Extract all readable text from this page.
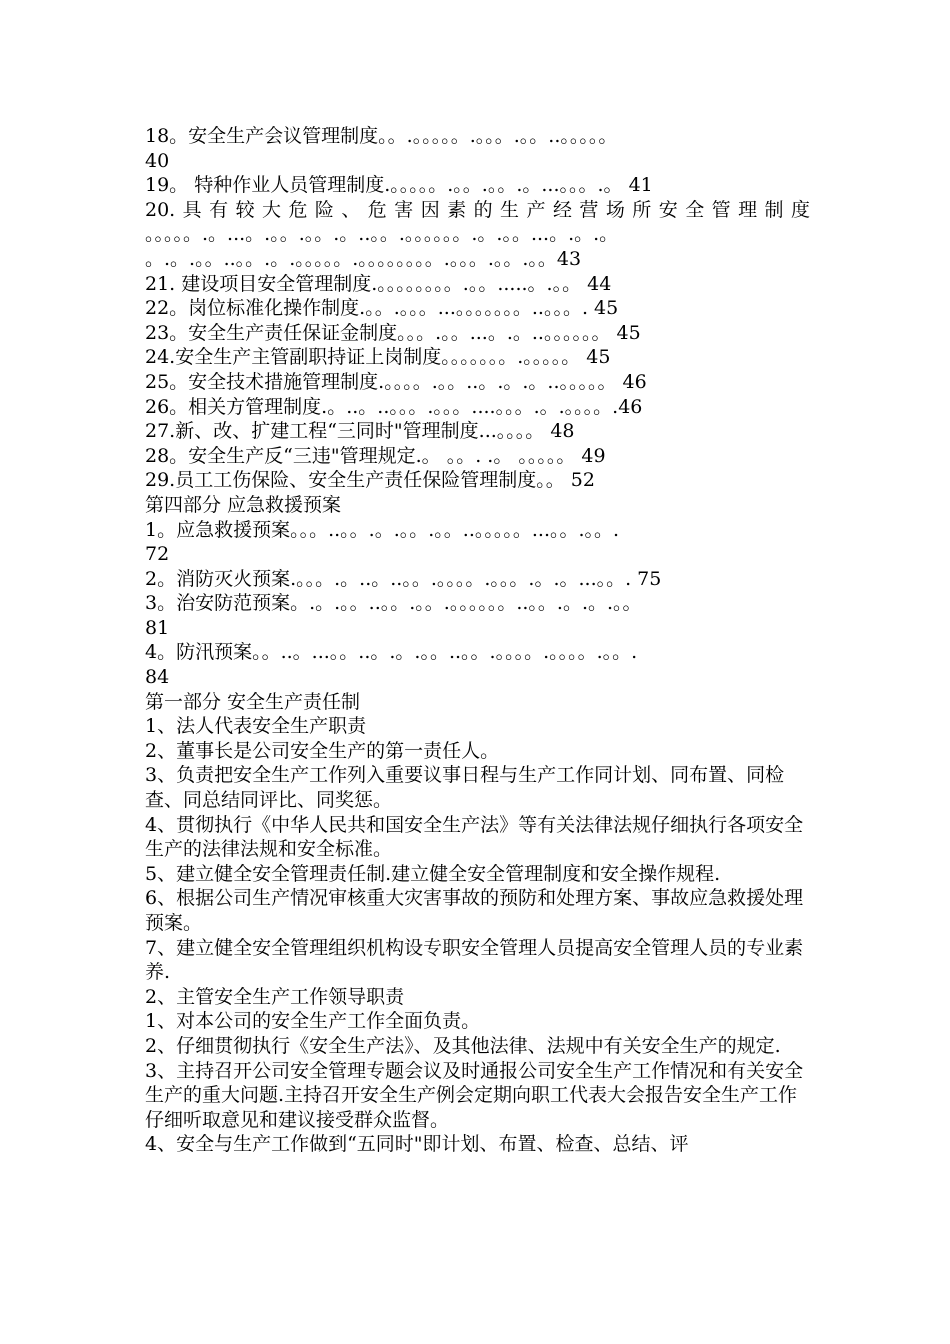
18。安全生产会议管理制度。。.。。。。。.。。。.。。..。。。。。
40
19。 特种作业人员管理制度.。。。。。.。。.。。.。...。。。.。 41
20.具有较大危险、危害因素的生产经营场所安全管理制度
。。。。。.。...。.。。.。。.。..。。.。。。。。。.。.。。...。.。.。
。.。.。。..。。.。.。。。。。.。。。。。。。。.。。。.。。.。。43
21. 建设项目安全管理制度.。。。。。。。。.。。.....。.。。 44
22。岗位标准化操作制度.。。.。。。...。。。。。。。..。。。. 45
23。安全生产责任保证金制度。。。.。。...。.。..。。。。。。 45
24.安全生产主管副职持证上岗制度。。。。。。。.。。。。。 45
25。安全技术措施管理制度.。。。。.。。..。.。.。..。。。。。 46
26。相关方管理制度.。..。..。。。.。。。....。。。.。.。。。。.46
27.新、改、扩建工程“三同时"管理制度...。。。。 48
28。安全生产反“三违"管理规定.。 。。. .。 。。。。。 49
29.员工工伤保险、安全生产责任保险管理制度。。 52
第四部分 应急救援预案
1。应急救援预案。。。..。。.。.。。.。。..。。。。。...。。.。。.
72
2。消防灭火预案.。。。.。..。..。。.。。。。.。。。.。.。...。。. 75
3。治安防范预案。.。.。。..。。.。。.。。。。。。..。。.。.。.。。
81
4。防汛预案。。..。...。。..。.。.。。..。。.。。。。.。。。。.。。.
84
第一部分 安全生产责任制
1、法人代表安全生产职责
2、董事长是公司安全生产的第一责任人。
3、负责把安全生产工作列入重要议事日程与生产工作同计划、同布置、同检查、同总结同评比、同奖惩。
4、贯彻执行《中华人民共和国安全生产法》等有关法律法规仔细执行各项安全生产的法律法规和安全标准。
5、建立健全安全管理责任制.建立健全安全管理制度和安全操作规程.
6、根据公司生产情况审核重大灾害事故的预防和处理方案、事故应急救援处理预案。
7、建立健全安全管理组织机构设专职安全管理人员提高安全管理人员的专业素养.
2、主管安全生产工作领导职责
1、对本公司的安全生产工作全面负责。
2、仔细贯彻执行《安全生产法》、及其他法律、法规中有关安全生产的规定.
3、主持召开公司安全管理专题会议及时通报公司安全生产工作情况和有关安全生产的重大问题.主持召开安全生产例会定期向职工代表大会报告安全生产工作仔细听取意见和建议接受群众监督。
4、安全与生产工作做到“五同时"即计划、布置、检查、总结、评
